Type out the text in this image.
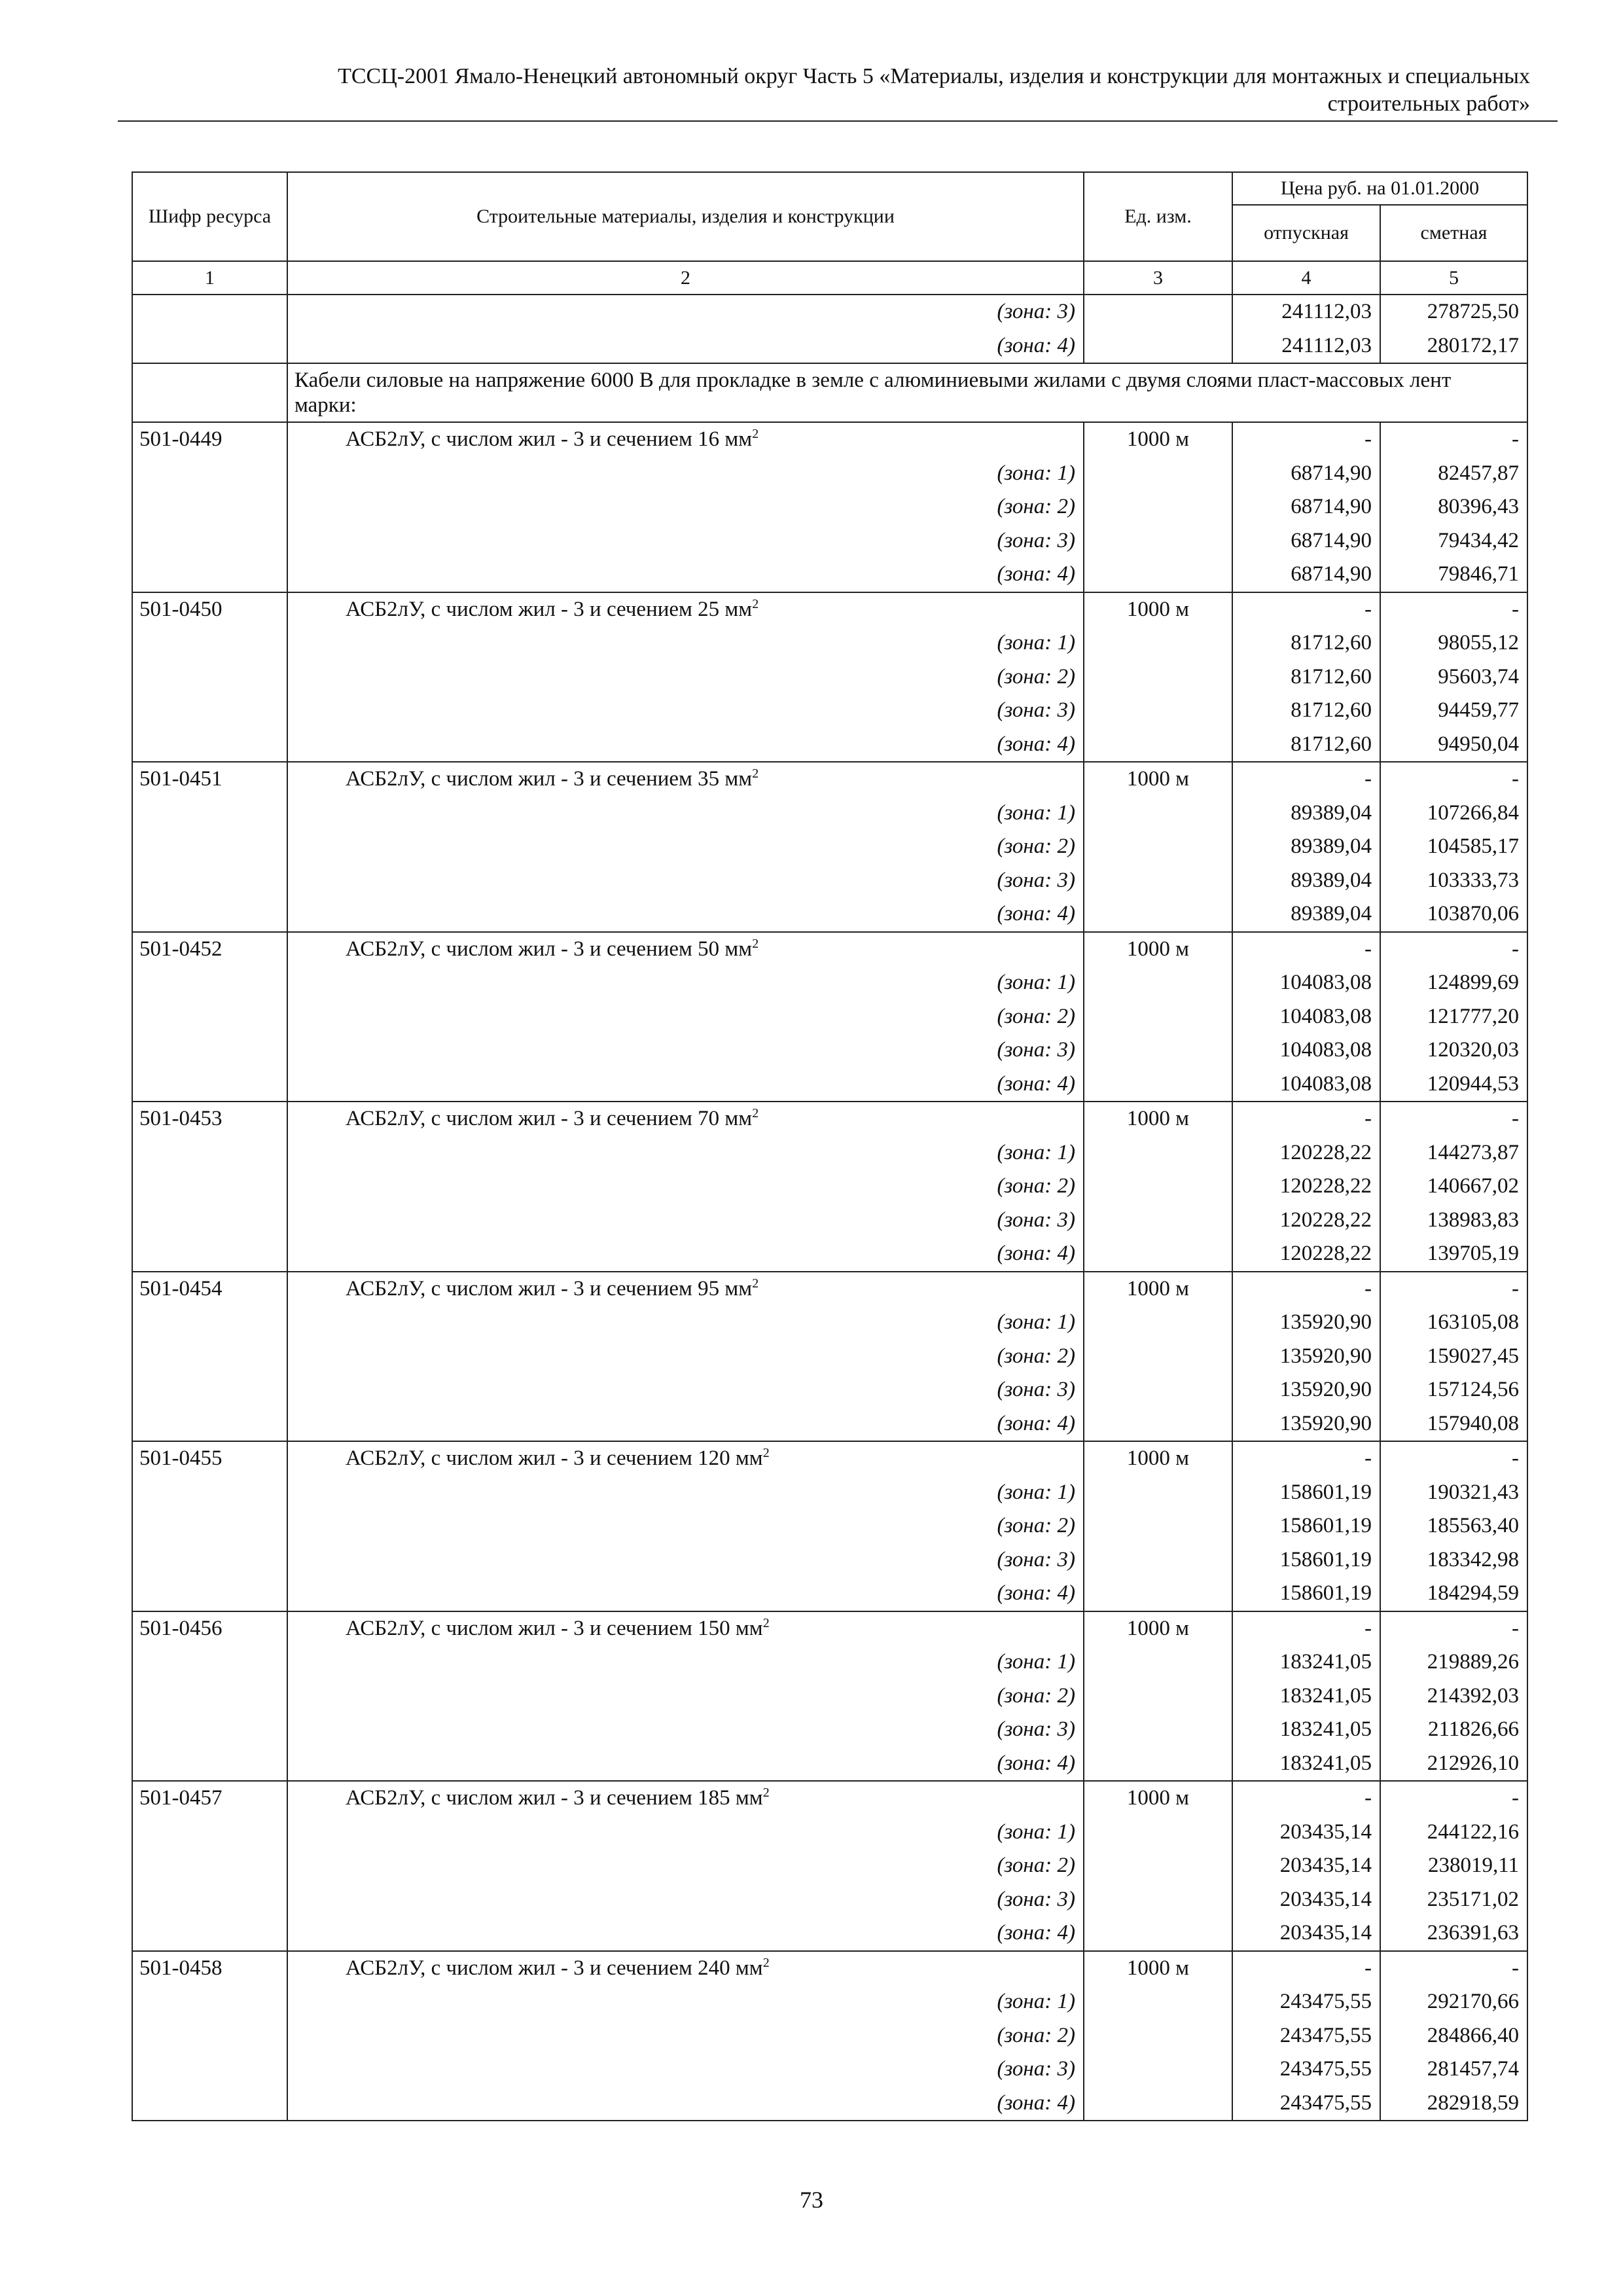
ТССЦ-2001 Ямало-Ненецкий автономный округ Часть 5 «Материалы, изделия и конструкции для монтажных и специальных
строительных работ»
Шифр ресурса	Строительные материалы, изделия и конструкции	Ед. изм.	Цена руб. на 01.01.2000	
			отпускная	сметная
1	2	3	4	5
	(зона: 3)		241112,03	278725,50
	(зона: 4)		241112,03	280172,17
	Кабели силовые на напряжение 6000 В для прокладке в земле с алюминиевыми жилами с двумя слоями пласт-массовых лент марки:			
501-0449	АСБ2лУ, с числом жил - 3 и сечением 16 $мм^2$	1000 м	-	-
	(зона: 1)		68714,90	82457,87
	(зона: 2)		68714,90	80396,43
	(зона: 3)		68714,90	79434,42
	(зона: 4)		68714,90	79846,71
501-0450	АСБ2лУ, с числом жил - 3 и сечением 25 $мм^2$	1000 м	-	-
	(зона: 1)		81712,60	98055,12
	(зона: 2)		81712,60	95603,74
	(зона: 3)		81712,60	94459,77
	(зона: 4)		81712,60	94950,04
501-0451	АСБ2лУ, с числом жил - 3 и сечением 35 $мм^2$	1000 м	-	-
	(зона: 1)		89389,04	107266,84
	(зона: 2)		89389,04	104585,17
	(зона: 3)		89389,04	103333,73
	(зона: 4)		89389,04	103870,06
501-0452	АСБ2лУ, с числом жил - 3 и сечением 50 $мм^2$	1000 м	-	-
	(зона: 1)		104083,08	124899,69
	(зона: 2)		104083,08	121777,20
	(зона: 3)		104083,08	120320,03
	(зона: 4)		104083,08	120944,53
501-0453	АСБ2лУ, с числом жил - 3 и сечением 70 $мм^2$	1000 м	-	-
	(зона: 1)		120228,22	144273,87
	(зона: 2)		120228,22	140667,02
	(зона: 3)		120228,22	138983,83
	(зона: 4)		120228,22	139705,19
501-0454	АСБ2лУ, с числом жил - 3 и сечением 95 $мм^2$	1000 м	-	-
	(зона: 1)		135920,90	163105,08
	(зона: 2)		135920,90	159027,45
	(зона: 3)		135920,90	157124,56
	(зона: 4)		135920,90	157940,08
501-0455	АСБ2лУ, с числом жил - 3 и сечением 120 $мм^2$	1000 м	-	-
	(зона: 1)		158601,19	190321,43
	(зона: 2)		158601,19	185563,40
	(зона: 3)		158601,19	183342,98
	(зона: 4)		158601,19	184294,59
501-0456	АСБ2лУ, с числом жил - 3 и сечением 150 $мм^2$	1000 м	-	-
	(зона: 1)		183241,05	219889,26
	(зона: 2)		183241,05	214392,03
	(зона: 3)		183241,05	211826,66
	(зона: 4)		183241,05	212926,10
501-0457	АСБ2лУ, с числом жил - 3 и сечением 185 $мм^2$	1000 м	-	-
	(зона: 1)		203435,14	244122,16
	(зона: 2)		203435,14	238019,11
	(зона: 3)		203435,14	235171,02
	(зона: 4)		203435,14	236391,63
501-0458	АСБ2лУ, с числом жил - 3 и сечением 240 $мм^2$	1000 м	-	-
	(зона: 1)		243475,55	292170,66
	(зона: 2)		243475,55	284866,40
	(зона: 3)		243475,55	281457,74
	(зона: 4)		243475,55	282918,59
73
